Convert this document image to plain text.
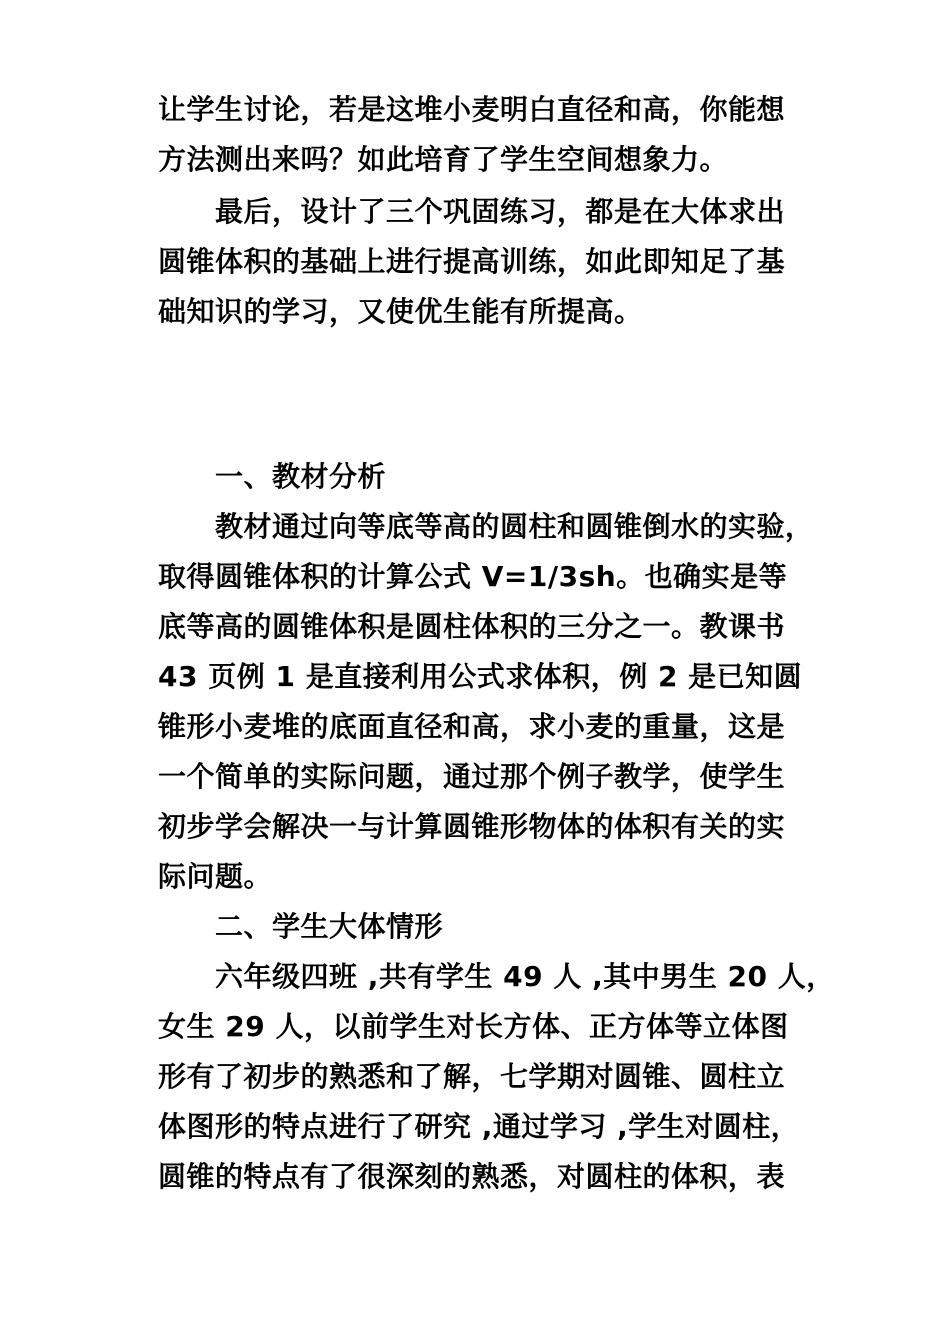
让学生讨论，若是这堆小麦明白直径和高，你能想
方法测出来吗？如此培育了学生空间想象力。
最后，设计了三个巩固练习，都是在大体求出
圆锥体积的基础上进行提高训练，如此即知足了基
础知识的学习，又使优生能有所提高。
一、教材分析
教材通过向等底等高的圆柱和圆锥倒水的实验，
取得圆锥体积的计算公式 V=1/3sh。也确实是等
底等高的圆锥体积是圆柱体积的三分之一。教课书
43 页例 1 是直接利用公式求体积，例 2 是已知圆
锥形小麦堆的底面直径和高，求小麦的重量，这是
一个简单的实际问题，通过那个例子教学，使学生
初步学会解决一与计算圆锥形物体的体积有关的实
际问题。
二、学生大体情形
六年级四班 ,共有学生 49 人 ,其中男生 20 人，
女生 29 人，以前学生对长方体、正方体等立体图
形有了初步的熟悉和了解，七学期对圆锥、圆柱立
体图形的特点进行了研究 ,通过学习 ,学生对圆柱，
圆锥的特点有了很深刻的熟悉，对圆柱的体积，表
